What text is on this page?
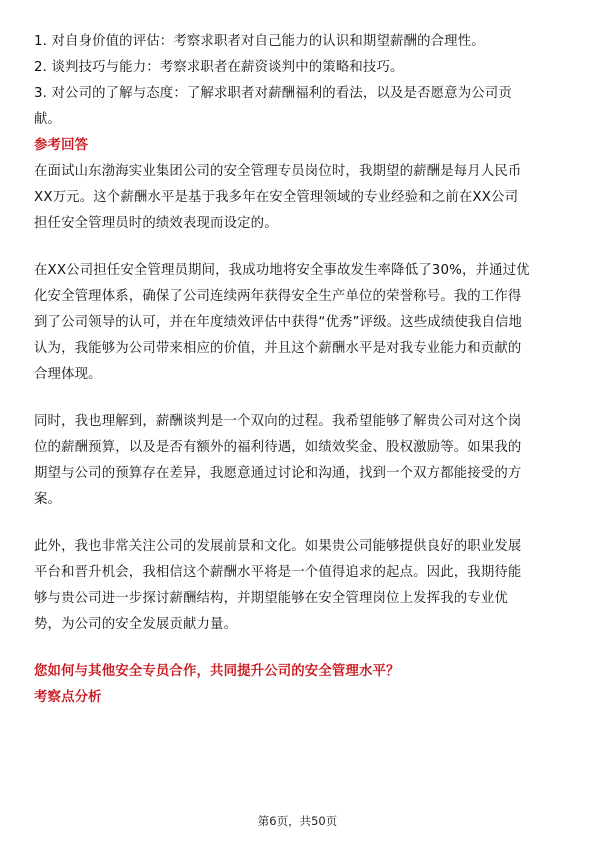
1. 对自身价值的评估：考察求职者对自己能力的认识和期望薪酬的合理性。
2. 谈判技巧与能力：考察求职者在薪资谈判中的策略和技巧。
3. 对公司的了解与态度：了解求职者对薪酬福利的看法，以及是否愿意为公司贡
献。
参考回答
在面试山东渤海实业集团公司的安全管理专员岗位时，我期望的薪酬是每月人民币
XX万元。这个薪酬水平是基于我多年在安全管理领域的专业经验和之前在XX公司
担任安全管理员时的绩效表现而设定的。
在XX公司担任安全管理员期间，我成功地将安全事故发生率降低了30%，并通过优
化安全管理体系，确保了公司连续两年获得安全生产单位的荣誉称号。我的工作得
到了公司领导的认可，并在年度绩效评估中获得“优秀”评级。这些成绩使我自信地
认为，我能够为公司带来相应的价值，并且这个薪酬水平是对我专业能力和贡献的
合理体现。
同时，我也理解到，薪酬谈判是一个双向的过程。我希望能够了解贵公司对这个岗
位的薪酬预算，以及是否有额外的福利待遇，如绩效奖金、股权激励等。如果我的
期望与公司的预算存在差异，我愿意通过讨论和沟通，找到一个双方都能接受的方
案。
此外，我也非常关注公司的发展前景和文化。如果贵公司能够提供良好的职业发展
平台和晋升机会，我相信这个薪酬水平将是一个值得追求的起点。因此，我期待能
够与贵公司进一步探讨薪酬结构，并期望能够在安全管理岗位上发挥我的专业优
势，为公司的安全发展贡献力量。
您如何与其他安全专员合作，共同提升公司的安全管理水平？
考察点分析
第6页，共50页
